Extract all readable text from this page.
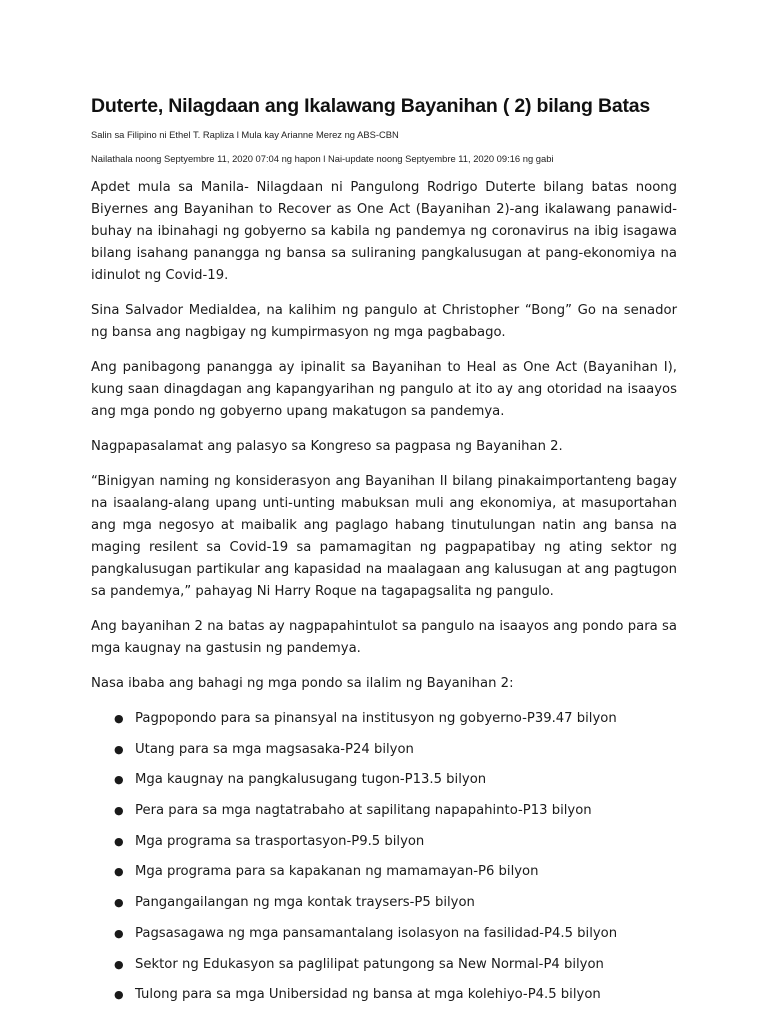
Duterte, Nilagdaan ang Ikalawang Bayanihan ( 2) bilang Batas

Salin sa Filipino ni Ethel T. Rapliza l Mula kay Arianne Merez ng ABS-CBN

Nailathala noong Septyembre 11, 2020 07:04 ng hapon l Nai-update noong Septyembre 11, 2020 09:16 ng gabi

Apdet mula sa Manila- Nilagdaan ni Pangulong Rodrigo Duterte bilang batas noong Biyernes ang Bayanihan to Recover as One Act (Bayanihan 2)-ang ikalawang panawid-buhay na ibinahagi ng gobyerno sa kabila ng pandemya ng coronavirus na ibig isagawa bilang isahang panangga ng bansa sa suliraning pangkalusugan at pang-ekonomiya na idinulot ng Covid-19.

Sina Salvador Medialdea, na kalihim ng pangulo at Christopher “Bong” Go na senador ng bansa ang nagbigay ng kumpirmasyon ng mga pagbabago.

Ang panibagong panangga ay ipinalit sa Bayanihan to Heal as One Act (Bayanihan I), kung saan dinagdagan ang kapangyarihan ng pangulo at ito ay ang otoridad na isaayos ang mga pondo ng gobyerno upang makatugon sa pandemya.

Nagpapasalamat ang palasyo sa Kongreso sa pagpasa ng Bayanihan 2.

“Binigyan naming ng konsiderasyon ang Bayanihan II bilang pinakaimportanteng bagay na isaalang-alang upang unti-unting mabuksan muli ang ekonomiya, at masuportahan ang mga negosyo at maibalik ang paglago habang tinutulungan natin ang bansa na maging resilent sa Covid-19 sa pamamagitan ng pagpapatibay ng ating sektor ng pangkalusugan partikular ang kapasidad na maalagaan ang kalusugan at ang pagtugon sa pandemya,” pahayag Ni Harry Roque na tagapagsalita ng pangulo.

Ang bayanihan 2 na batas ay nagpapahintulot sa pangulo na isaayos ang pondo para sa mga kaugnay na gastusin ng pandemya.

Nasa ibaba ang bahagi ng mga pondo sa ilalim ng Bayanihan 2:

● Pagpopondo para sa pinansyal na institusyon ng gobyerno-P39.47 bilyon
● Utang para sa mga magsasaka-P24 bilyon
● Mga kaugnay na pangkalusugang tugon-P13.5 bilyon
● Pera para sa mga nagtatrabaho at sapilitang napapahinto-P13 bilyon
● Mga programa sa trasportasyon-P9.5 bilyon
● Mga programa para sa kapakanan ng mamamayan-P6 bilyon
● Pangangailangan ng mga kontak traysers-P5 bilyon
● Pagsasagawa ng mga pansamantalang isolasyon na fasilidad-P4.5 bilyon
● Sektor ng Edukasyon sa paglilipat patungong sa New Normal-P4 bilyon
● Tulong para sa mga Unibersidad ng bansa at mga kolehiyo-P4.5 bilyon
